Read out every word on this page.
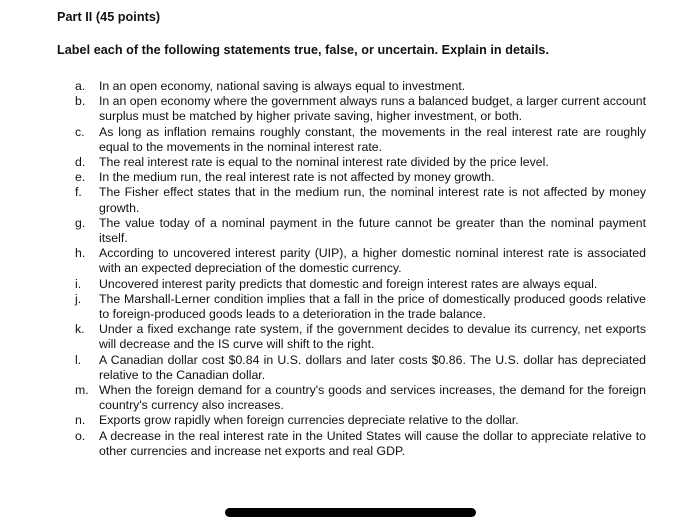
Part II (45 points)
Label each of the following statements true, false, or uncertain. Explain in details.
a.	In an open economy, national saving is always equal to investment.
b.	In an open economy where the government always runs a balanced budget, a larger current account surplus must be matched by higher private saving, higher investment, or both.
c.	As long as inflation remains roughly constant, the movements in the real interest rate are roughly equal to the movements in the nominal interest rate.
d.	The real interest rate is equal to the nominal interest rate divided by the price level.
e.	In the medium run, the real interest rate is not affected by money growth.
f.	The Fisher effect states that in the medium run, the nominal interest rate is not affected by money growth.
g.	The value today of a nominal payment in the future cannot be greater than the nominal payment itself.
h.	According to uncovered interest parity (UIP), a higher domestic nominal interest rate is associated with an expected depreciation of the domestic currency.
i.	Uncovered interest parity predicts that domestic and foreign interest rates are always equal.
j.	The Marshall-Lerner condition implies that a fall in the price of domestically produced goods relative to foreign-produced goods leads to a deterioration in the trade balance.
k.	Under a fixed exchange rate system, if the government decides to devalue its currency, net exports will decrease and the IS curve will shift to the right.
l.	A Canadian dollar cost $0.84 in U.S. dollars and later costs $0.86. The U.S. dollar has depreciated relative to the Canadian dollar.
m. When the foreign demand for a country's goods and services increases, the demand for the foreign country's currency also increases.
n.	Exports grow rapidly when foreign currencies depreciate relative to the dollar.
o.	A decrease in the real interest rate in the United States will cause the dollar to appreciate relative to other currencies and increase net exports and real GDP.
